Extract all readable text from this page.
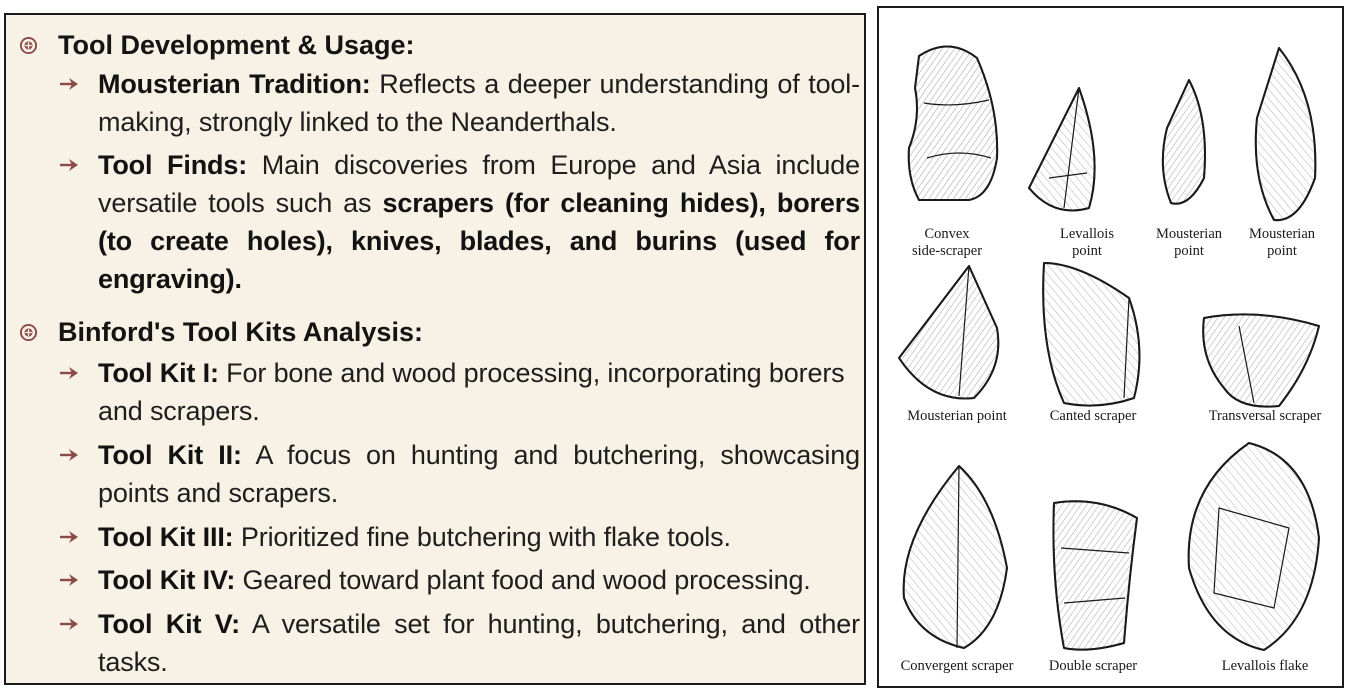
Tool Development & Usage:
Mousterian Tradition: Reflects a deeper understanding of tool-making, strongly linked to the Neanderthals.
Tool Finds: Main discoveries from Europe and Asia include versatile tools such as scrapers (for cleaning hides), borers (to create holes), knives, blades, and burins (used for engraving).
Binford's Tool Kits Analysis:
Tool Kit I: For bone and wood processing, incorporating borers and scrapers.
Tool Kit II: A focus on hunting and butchering, showcasing points and scrapers.
Tool Kit III: Prioritized fine butchering with flake tools.
Tool Kit IV: Geared toward plant food and wood processing.
Tool Kit V: A versatile set for hunting, butchering, and other tasks.
Convex
side-scraper
Levallois
point
Mousterian
point
Mousterian
point
Mousterian point	Canted scraper	Transversal scraper
Convergent scraper Double scraper	Levallois flake
